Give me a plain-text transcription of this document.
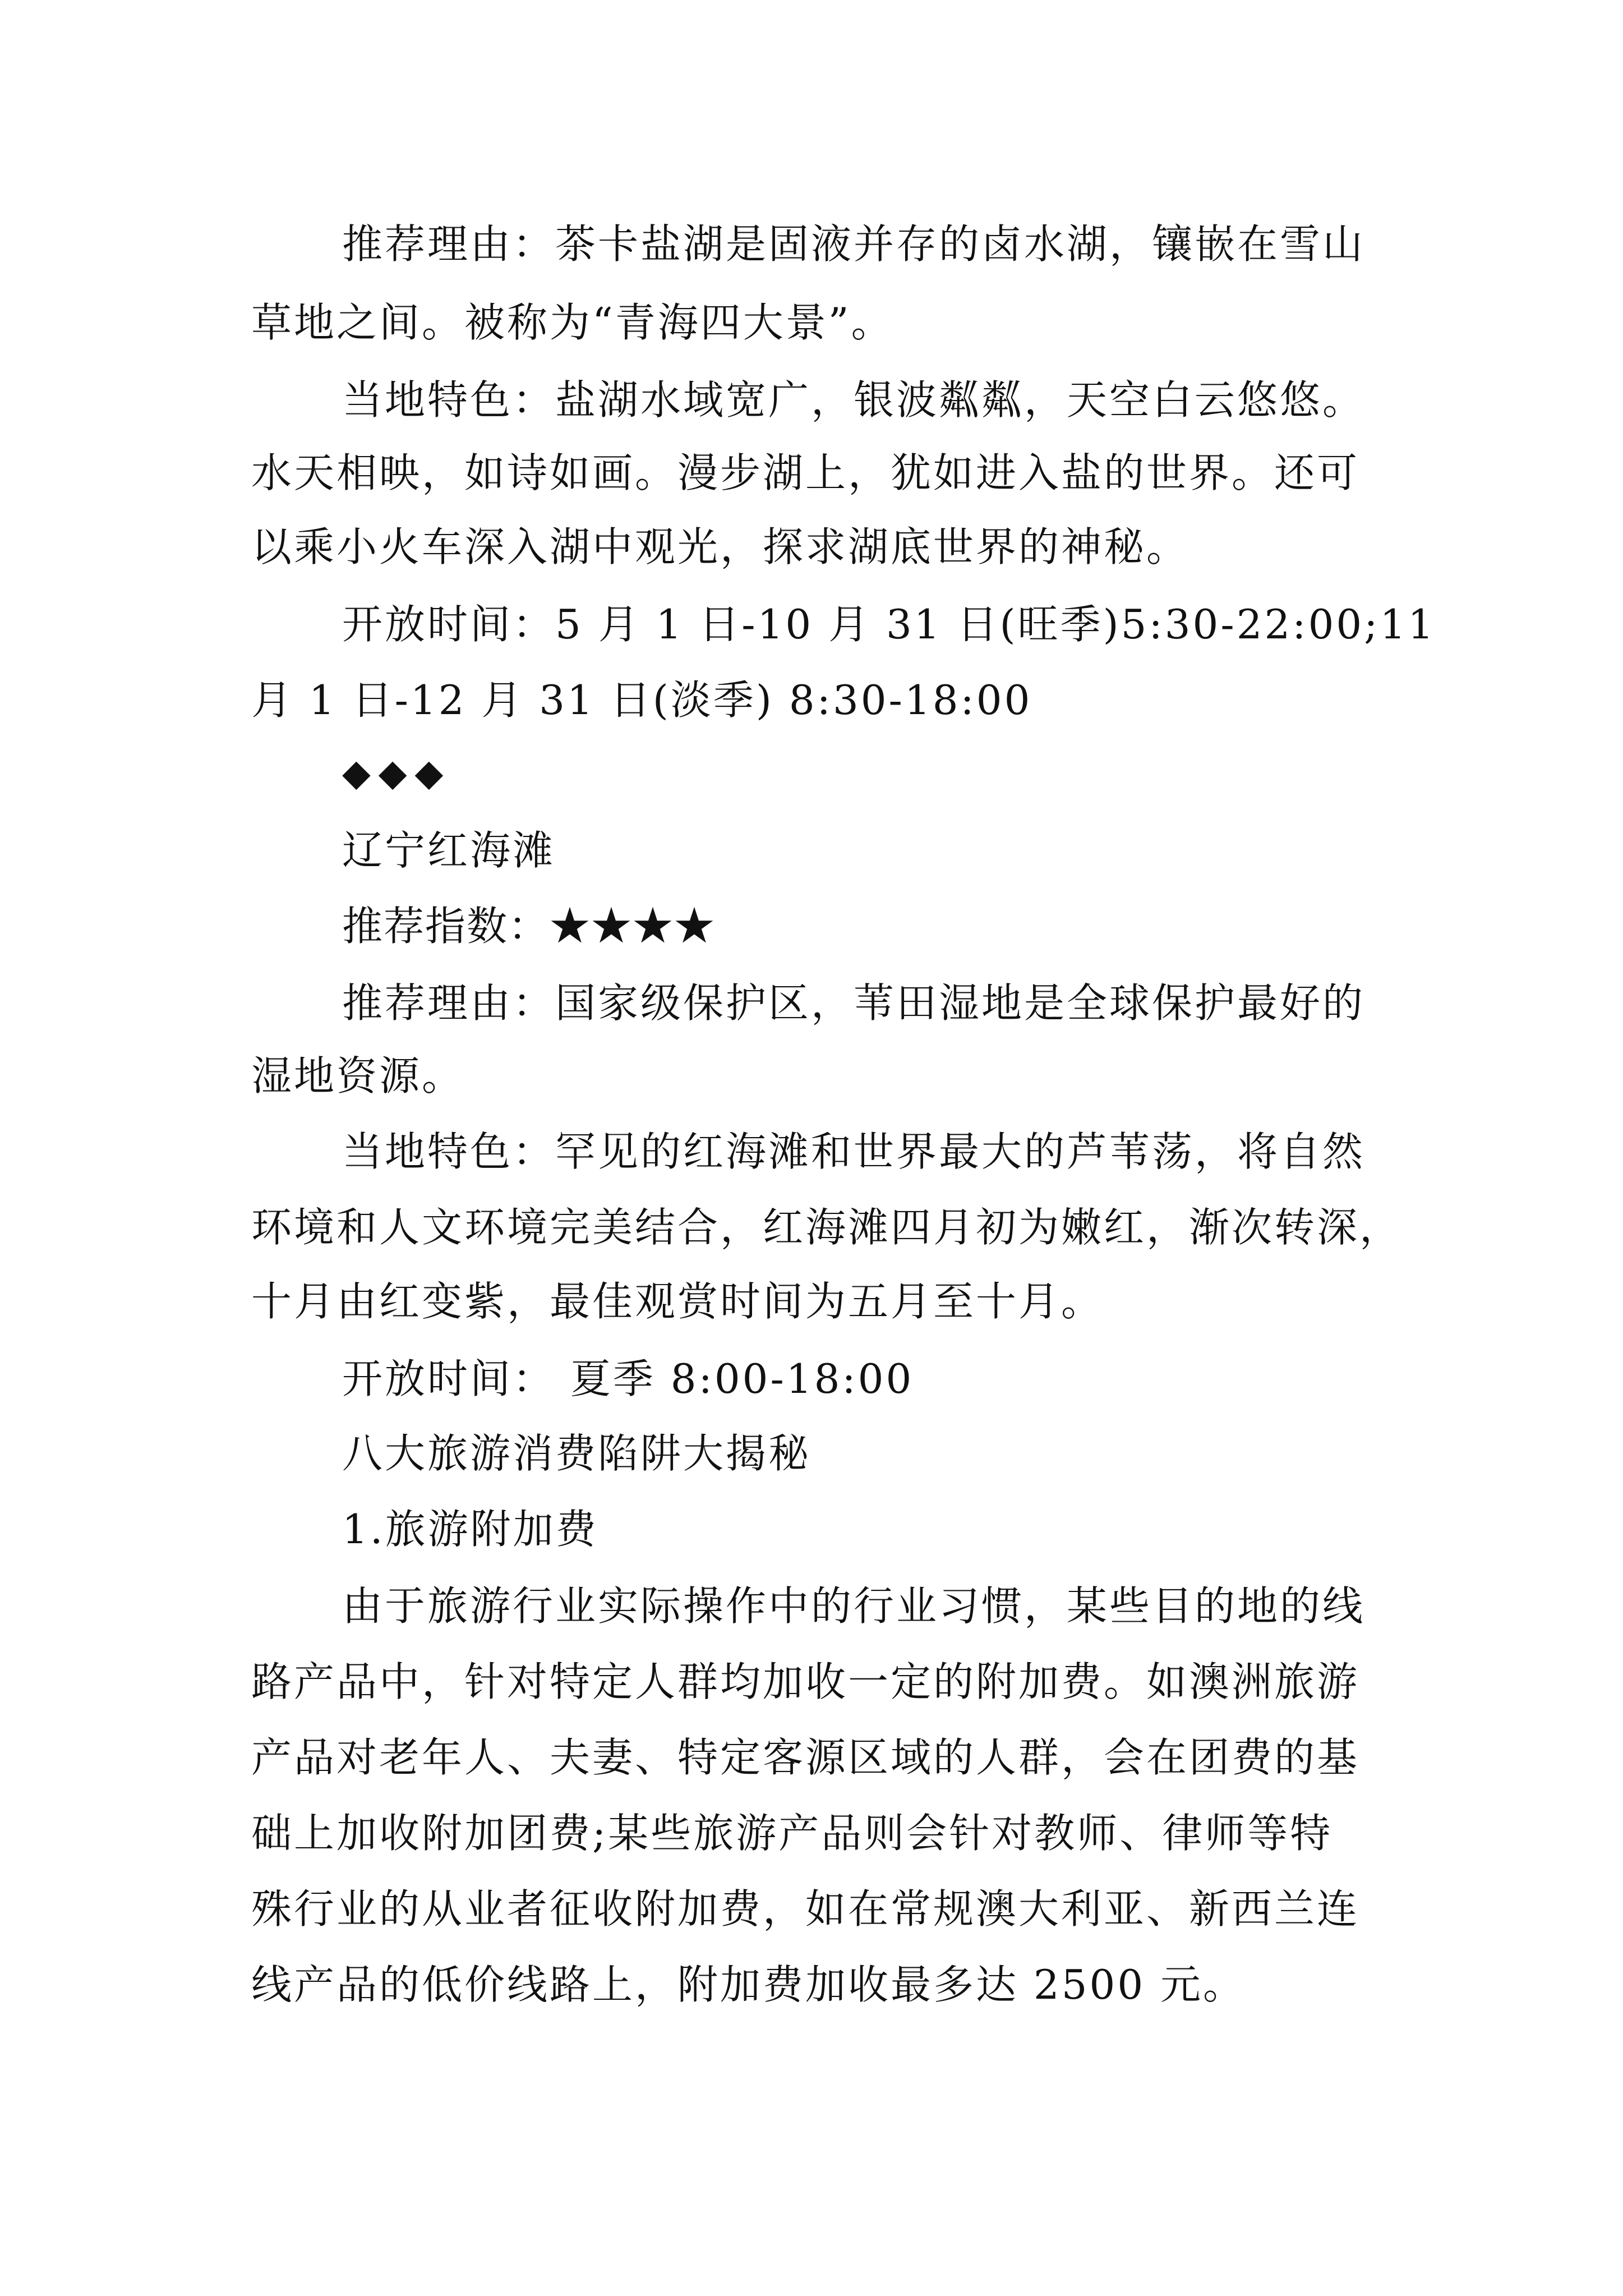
推荐理由：茶卡盐湖是固液并存的卤水湖，镶嵌在雪山
草地之间。被称为“青海四大景”。
当地特色：盐湖水域宽广，银波粼粼，天空白云悠悠。
水天相映，如诗如画。漫步湖上，犹如进入盐的世界。还可
以乘小火车深入湖中观光，探求湖底世界的神秘。
开放时间：5 月 1 日-10 月 31 日(旺季)5:30-22:00;11
月 1 日-12 月 31 日(淡季) 8:30-18:00
◆◆◆
辽宁红海滩
推荐指数：★★★★
推荐理由：国家级保护区，苇田湿地是全球保护最好的
湿地资源。
当地特色：罕见的红海滩和世界最大的芦苇荡，将自然
环境和人文环境完美结合，红海滩四月初为嫩红，渐次转深，
十月由红变紫，最佳观赏时间为五月至十月。
开放时间： 夏季 8:00-18:00
八大旅游消费陷阱大揭秘
1.旅游附加费
由于旅游行业实际操作中的行业习惯，某些目的地的线
路产品中，针对特定人群均加收一定的附加费。如澳洲旅游
产品对老年人、夫妻、特定客源区域的人群，会在团费的基
础上加收附加团费;某些旅游产品则会针对教师、律师等特
殊行业的从业者征收附加费，如在常规澳大利亚、新西兰连
线产品的低价线路上，附加费加收最多达 2500 元。
